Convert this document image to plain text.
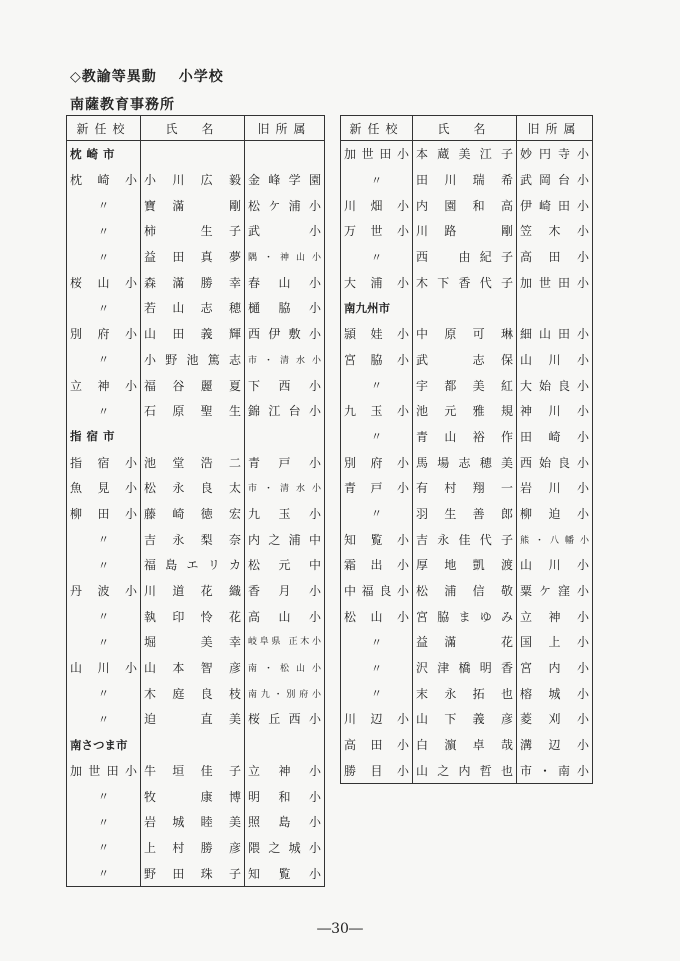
◇教諭等異動 小学校
南薩教育事務所
新任校	氏　名	旧所属
枕崎市		
枕崎小	小川広毅	金峰学園
〃	寶滿　剛	松ケ浦小
〃	柿　生子	武　小
〃	益田真夢	隅・神山小
桜山小	森滿勝幸	春山小
〃	若山志穂	樋脇小
別府小	山田義輝	西伊敷小
〃	小野池篤志	市・清水小
立神小	福谷麗夏	下西小
〃	石原聖生	錦江台小
指宿市		
指宿小	池堂浩二	青戸小
魚見小	松永良太	市・清水小
柳田小	藤崎徳宏	九玉小
〃	吉永梨奈	内之浦中
〃	福島エリカ	松元中
丹波小	川道花織	香月小
〃	執印怜花	高山小
〃	堀　美幸	岐阜県 正木小
山川小	山本智彦	南・松山小
〃	木庭良枝	南九・別府小
〃	迫　直美	桜丘西小
南さつま市		
加世田小	牛垣佳子	立神小
〃	牧　康博	明和小
〃	岩城睦美	照島小
〃	上村勝彦	隈之城小
〃	野田珠子	知覧小
新任校	氏　名	旧所属
加世田小	本蔵美江子	妙円寺小
〃	田川瑞希	武岡台小
川畑小	内園和高	伊崎田小
万世小	川路　剛	笠木小
〃	西　由紀子	高田小
大浦小	木下香代子	加世田小
南九州市		
頴娃小	中原可琳	細山田小
宮脇小	武　志保	山川小
〃	宇都美紅	大始良小
九玉小	池元雅規	神川小
〃	青山裕作	田崎小
別府小	馬場志穂美	西始良小
青戸小	有村翔一	岩川小
〃	羽生善郎	柳迫小
知覧小	吉永佳代子	熊・八幡小
霜出小	厚地凱渡	山川小
中福良小	松浦信敬	粟ケ窪小
松山小	宮脇まゆみ	立神小
〃	益滿　花	国上小
〃	沢津橋明香	宮内小
〃	末永拓也	榕城小
川辺小	山下義彦	菱刈小
高田小	白濵卓哉	溝辺小
勝目小	山之内哲也	市・南小
―30―
